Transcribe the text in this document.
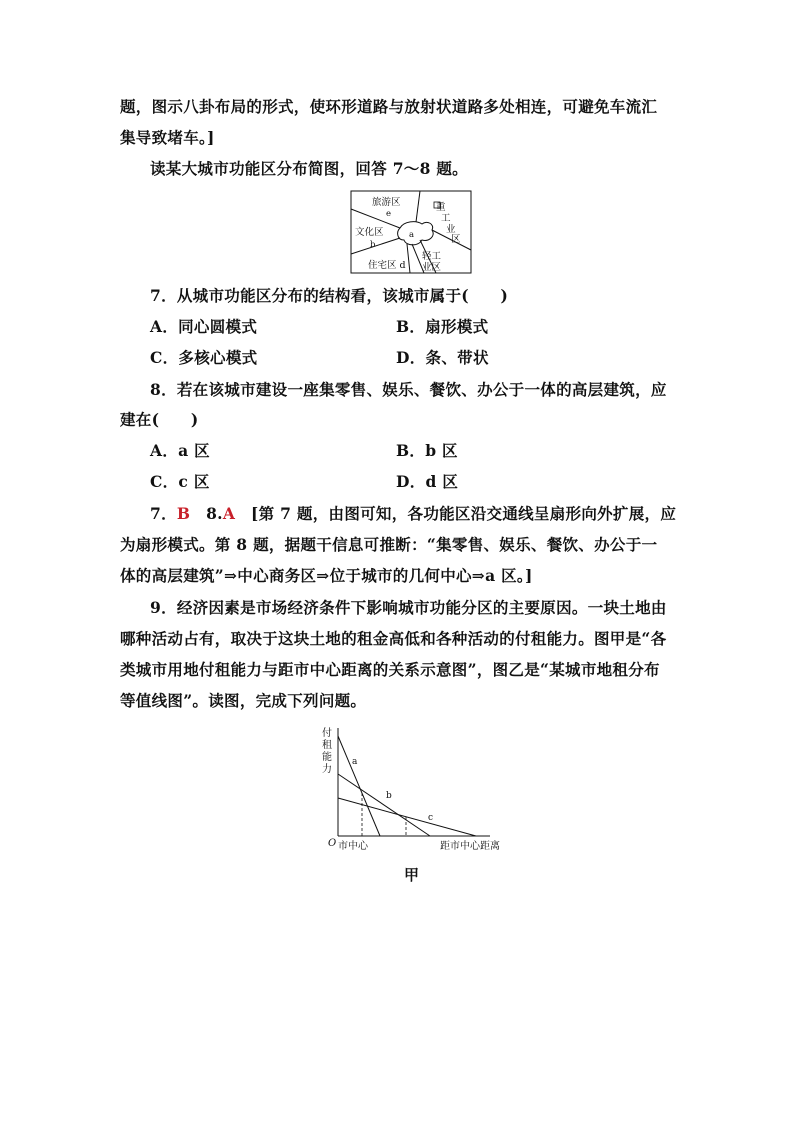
题，图示八卦布局的形式，使环形道路与放射状道路多处相连，可避免车流汇
集导致堵车。]
读某大城市功能区分布简图，回答 7～8 题。
旅游区
e
文化区
b
a
重
工
业
区
轻工
业区
住宅区 d
7．从城市功能区分布的结构看，该城市属于(　　)
A．同心圆模式	B．扇形模式
C．多核心模式	D．条、带状
8．若在该城市建设一座集零售、娱乐、餐饮、办公于一体的高层建筑，应
建在(　　)
A．a 区	B．b 区
C．c 区	D．d 区
7．B　8.A　[第 7 题，由图可知，各功能区沿交通线呈扇形向外扩展，应
为扇形模式。第 8 题，据题干信息可推断：“集零售、娱乐、餐饮、办公于一
体的高层建筑”⇒中心商务区⇒位于城市的几何中心⇒a 区。]
9．经济因素是市场经济条件下影响城市功能分区的主要原因。一块土地由
哪种活动占有，取决于这块土地的租金高低和各种活动的付租能力。图甲是“各
类城市用地付租能力与距市中心距离的关系示意图”，图乙是“某城市地租分布
等值线图”。读图，完成下列问题。
付
租
能
力
O 市中心	距市中心距离
a
b
c
甲
